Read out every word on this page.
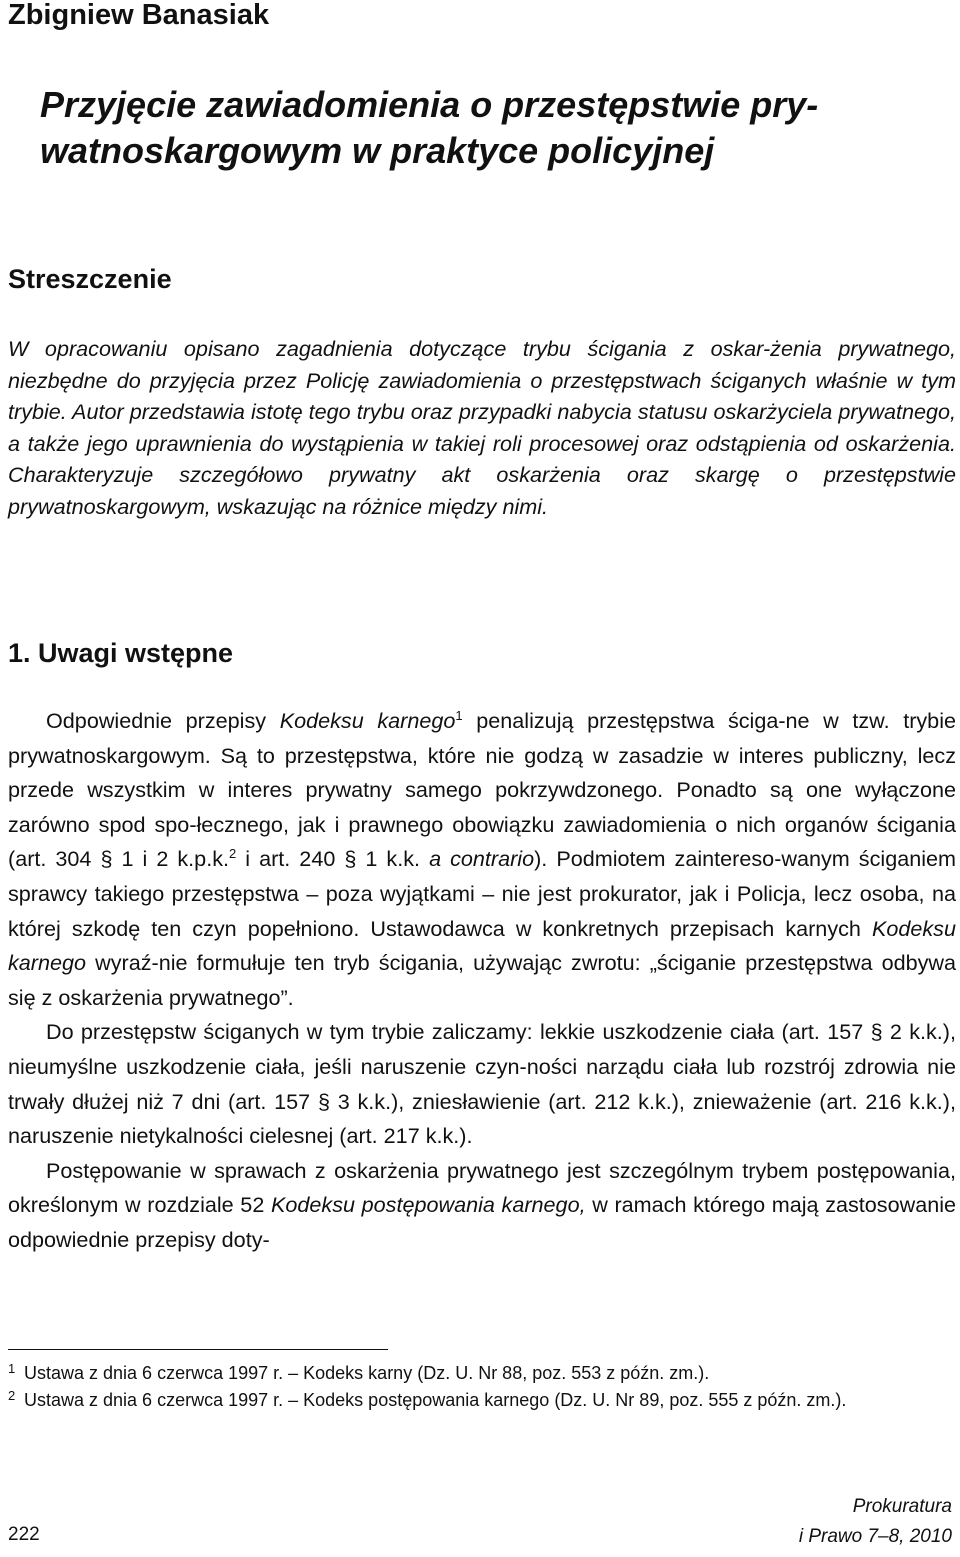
Zbigniew Banasiak
Przyjęcie zawiadomienia o przestępstwie pry-
watnoskargowym w praktyce policyjnej
Streszczenie

W opracowaniu opisano zagadnienia dotyczące trybu ścigania z oskar-żenia prywatnego, niezbędne do przyjęcia przez Policję zawiadomienia o przestępstwach ściganych właśnie w tym trybie. Autor przedstawia istotę tego trybu oraz przypadki nabycia statusu oskarżyciela prywatnego, a także jego uprawnienia do wystąpienia w takiej roli procesowej oraz odstąpienia od oskarżenia. Charakteryzuje szczegółowo prywatny akt oskarżenia oraz skargę o przestępstwie prywatnoskargowym, wskazując na różnice między nimi.

1. Uwagi wstępne

Odpowiednie przepisy Kodeksu karnego$^1$ penalizują przestępstwa ściga-ne w tzw. trybie prywatnoskargowym. Są to przestępstwa, które nie godzą w zasadzie w interes publiczny, lecz przede wszystkim w interes prywatny samego pokrzywdzonego. Ponadto są one wyłączone zarówno spod spo-łecznego, jak i prawnego obowiązku zawiadomienia o nich organów ścigania (art. 304 § 1 i 2 k.p.k.$^2$ i art. 240 § 1 k.k. a contrario). Podmiotem zaintereso-wanym ściganiem sprawcy takiego przestępstwa – poza wyjątkami – nie jest prokurator, jak i Policja, lecz osoba, na której szkodę ten czyn popełniono. Ustawodawca w konkretnych przepisach karnych Kodeksu karnego wyraź-nie formułuje ten tryb ścigania, używając zwrotu: „ściganie przestępstwa odbywa się z oskarżenia prywatnego”.

Do przestępstw ściganych w tym trybie zaliczamy: lekkie uszkodzenie ciała (art. 157 § 2 k.k.), nieumyślne uszkodzenie ciała, jeśli naruszenie czyn-ności narządu ciała lub rozstrój zdrowia nie trwały dłużej niż 7 dni (art. 157 § 3 k.k.), zniesławienie (art. 212 k.k.), znieważenie (art. 216 k.k.), naruszenie nietykalności cielesnej (art. 217 k.k.).

Postępowanie w sprawach z oskarżenia prywatnego jest szczególnym trybem postępowania, określonym w rozdziale 52 Kodeksu postępowania karnego, w ramach którego mają zastosowanie odpowiednie przepisy doty-

1 Ustawa z dnia 6 czerwca 1997 r. – Kodeks karny (Dz. U. Nr 88, poz. 553 z późn. zm.).

2 Ustawa z dnia 6 czerwca 1997 r. – Kodeks postępowania karnego (Dz. U. Nr 89, poz. 555 z późn. zm.).

222
Prokuratura
i Prawo 7–8, 2010
